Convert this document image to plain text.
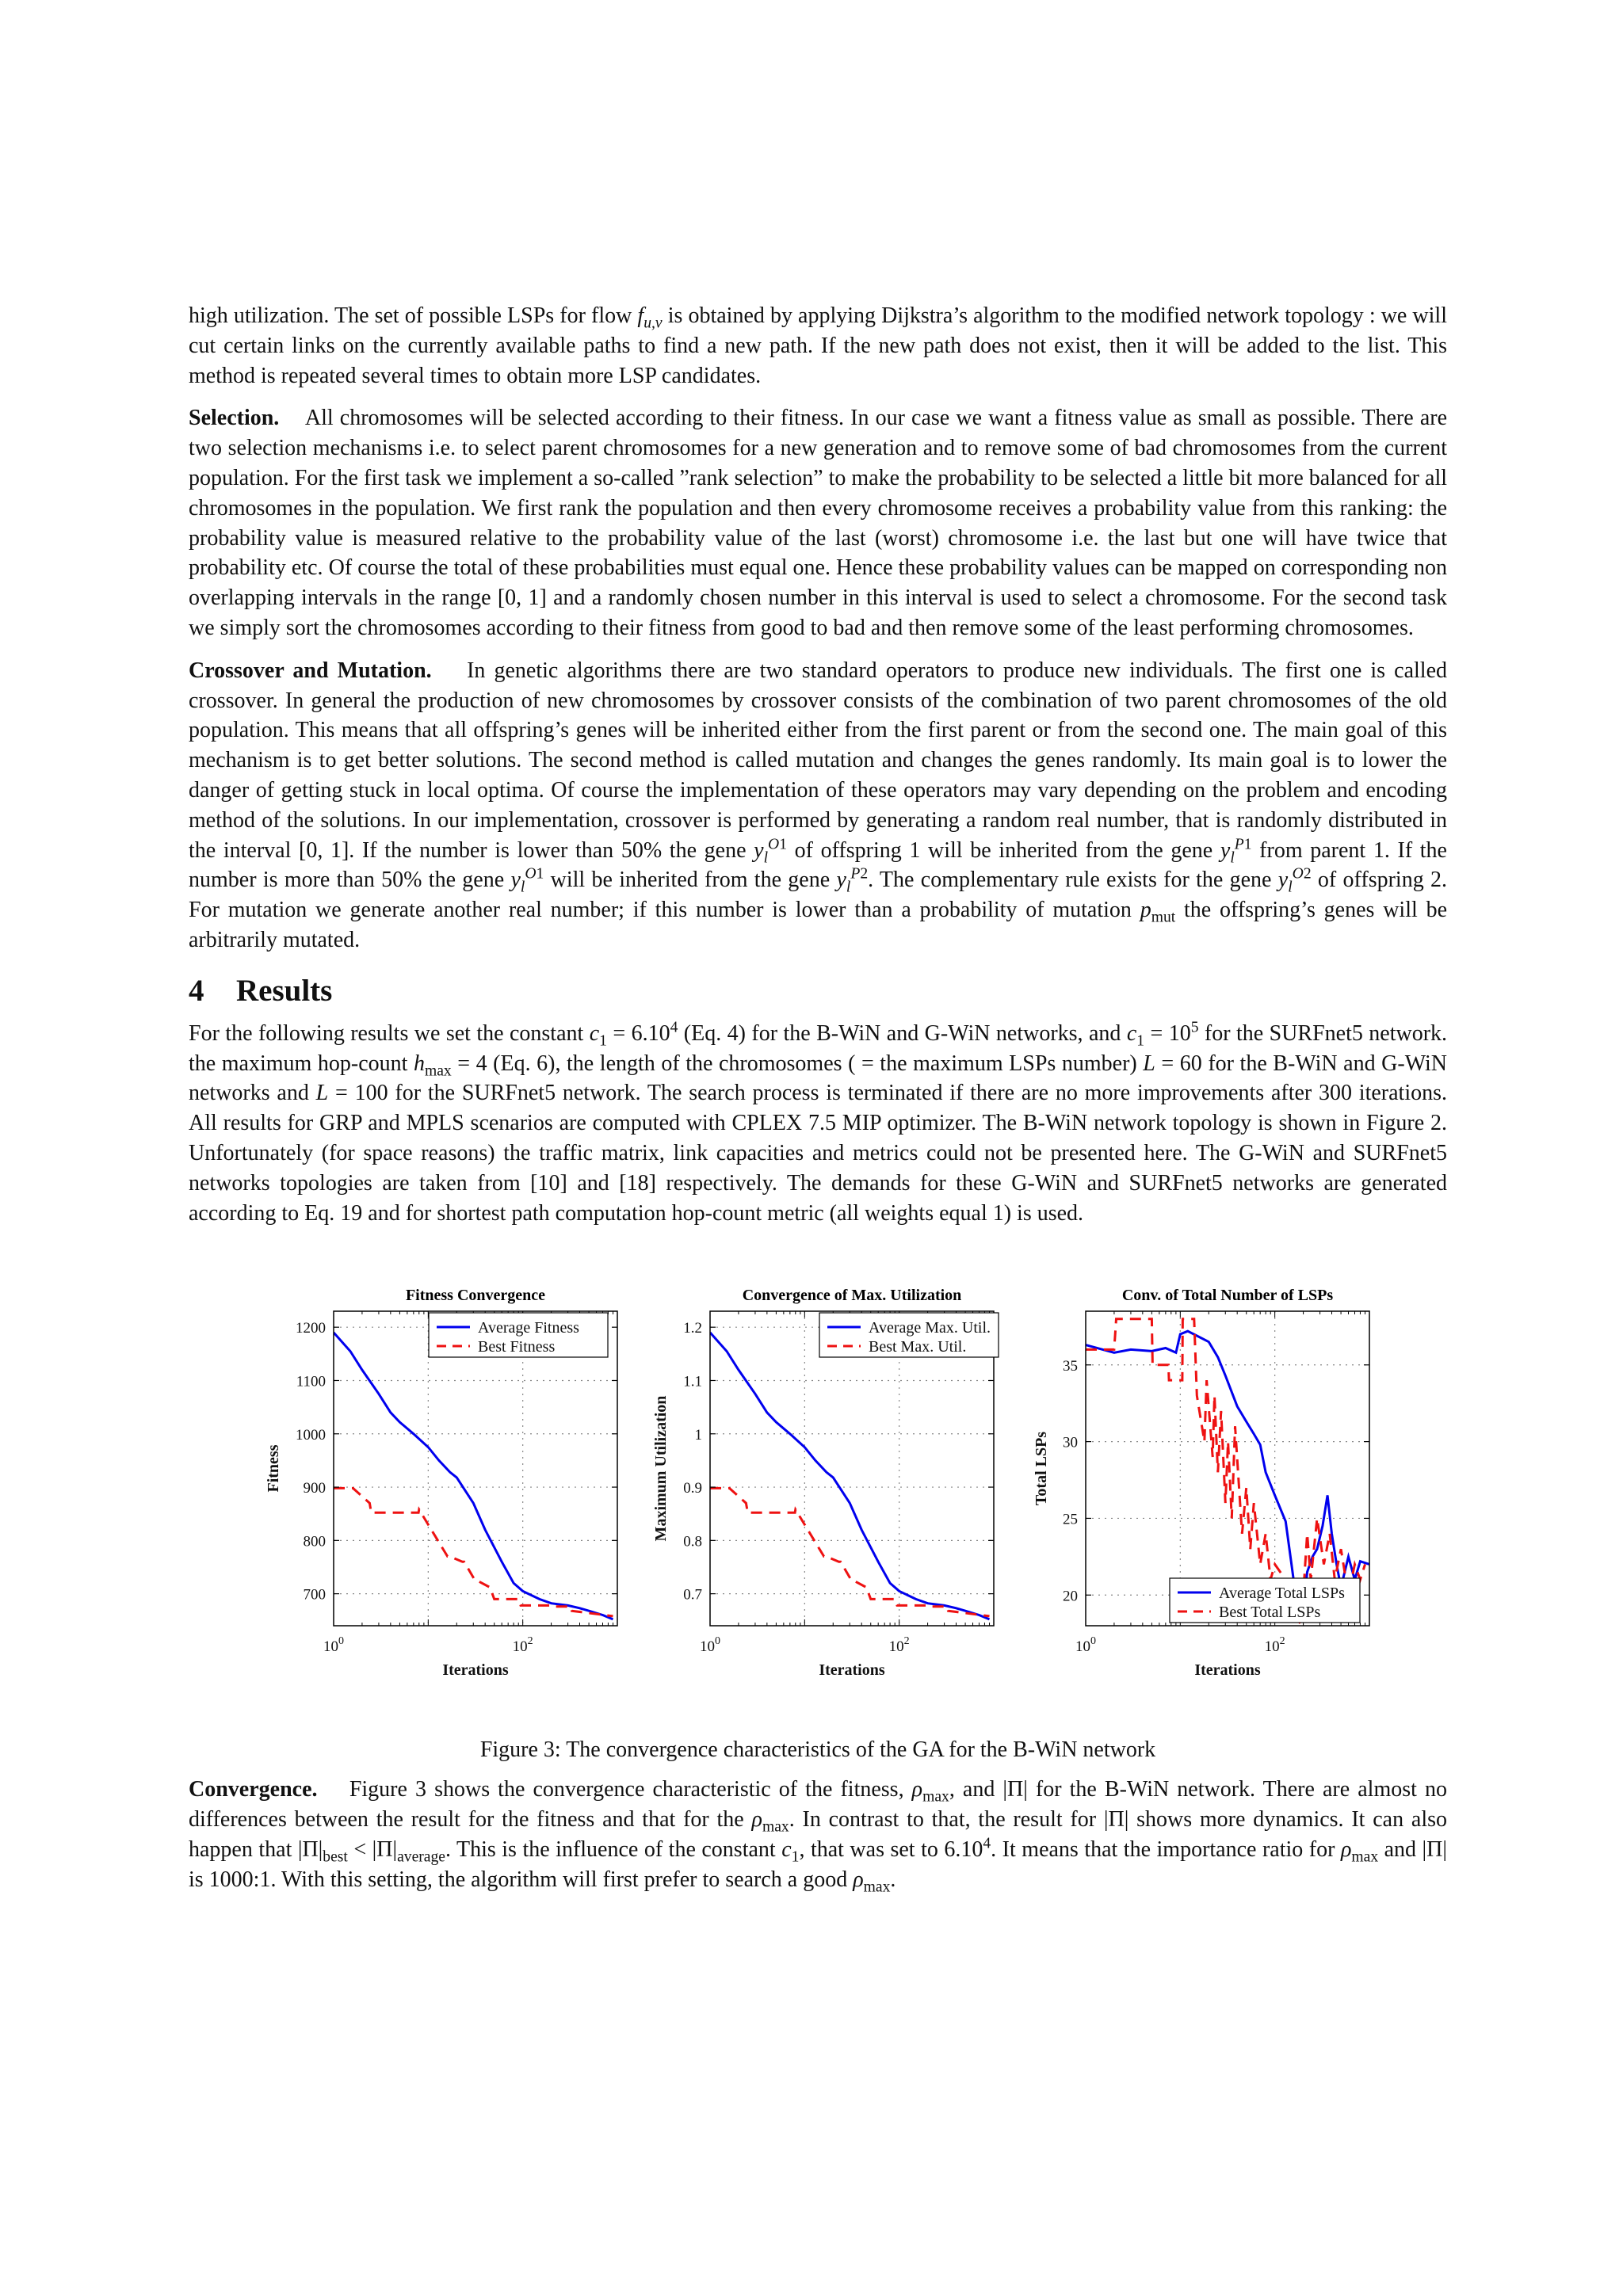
high utilization. The set of possible LSPs for flow $f_{u,v}$ is obtained by applying Dijkstra’s algorithm to the modified network topology : we will cut certain links on the currently available paths to find a new path. If the new path does not exist, then it will be added to the list. This method is repeated several times to obtain more LSP candidates.

Selection. All chromosomes will be selected according to their fitness. In our case we want a fitness value as small as possible. There are two selection mechanisms i.e. to select parent chromosomes for a new generation and to remove some of bad chromosomes from the current population. For the first task we implement a so-called ”rank selection” to make the probability to be selected a little bit more balanced for all chromosomes in the population. We first rank the population and then every chromosome receives a probability value from this ranking: the probability value is measured relative to the probability value of the last (worst) chromosome i.e. the last but one will have twice that probability etc. Of course the total of these probabilities must equal one. Hence these probability values can be mapped on corresponding non overlapping intervals in the range [0, 1] and a randomly chosen number in this interval is used to select a chromosome. For the second task we simply sort the chromosomes according to their fitness from good to bad and then remove some of the least performing chromosomes.

Crossover and Mutation.    In genetic algorithms there are two standard operators to produce new individuals. The first one is called crossover. In general the production of new chromosomes by crossover consists of the combination of two parent chromosomes of the old population. This means that all offspring’s genes will be inherited either from the first parent or from the second one. The main goal of this mechanism is to get better solutions. The second method is called mutation and changes the genes randomly. Its main goal is to lower the danger of getting stuck in local optima. Of course the implementation of these operators may vary depending on the problem and encoding method of the solutions. In our implementation, crossover is performed by generating a random real number, that is randomly distributed in the interval [0, 1]. If the number is lower than 50% the gene $y_l^{O1}$ of offspring 1 will be inherited from the gene $y_l^{P1}$ from parent 1. If the number is more than 50% the gene $y_l^{O1}$ will be inherited from the gene $y_l^{P2}$. The complementary rule exists for the gene $y_l^{O2}$ of offspring 2. For mutation we generate another real number; if this number is lower than a probability of mutation $p_{mut}$ the offspring’s genes will be arbitrarily mutated.

4 Results

For the following results we set the constant $c_1 = 6.10^4$ (Eq. 4) for the B-WiN and G-WiN networks, and $c_1 = 10^5$ for the SURFnet5 network. the maximum hop-count $h_{max} = 4$ (Eq. 6), the length of the chromosomes ( = the maximum LSPs number) L = 60 for the B-WiN and G-WiN networks and L = 100 for the SURFnet5 network. The search process is terminated if there are no more improvements after 300 iterations. All results for GRP and MPLS scenarios are computed with CPLEX 7.5 MIP optimizer. The B-WiN network topology is shown in Figure 2. Unfortunately (for space reasons) the traffic matrix, link capacities and metrics could not be presented here. The G-WiN and SURFnet5 networks topologies are taken from [10] and [18] respectively. The demands for these G-WiN and SURFnet5 networks are generated according to Eq. 19 and for shortest path computation hop-count metric (all weights equal 1) is used.

Fitness Convergence
700
800
900
1000
1100
1200
$10^0$	$10^2$
Iterations
Fitness
Average Fitness
Best Fitness
Convergence of Max. Utilization
0.7
0.8
0.9
1
1.1
1.2
$10^0$	$10^2$
Iterations
Maximum Utilization
Average Max. Util.
Best Max. Util.
Conv. of Total Number of LSPs
20
25
30
35
$10^0$	$10^2$
Iterations
Total LSPs
Average Total LSPs
Best Total LSPs
Figure 3: The convergence characteristics of the GA for the B-WiN network

Convergence.    Figure 3 shows the convergence characteristic of the fitness, $\rho_{max}$, and |Π| for the B-WiN network. There are almost no differences between the result for the fitness and that for the $\rho_{max}$. In contrast to that, the result for |Π| shows more dynamics. It can also happen that $|\Pi|_{best} < |\Pi|_{average}$. This is the influence of the constant $c_1$, that was set to 6.10$^4$. It means that the importance ratio for $\rho_{max}$ and |Π| is 1000:1. With this setting, the algorithm will first prefer to search a good $\rho_{max}$.
